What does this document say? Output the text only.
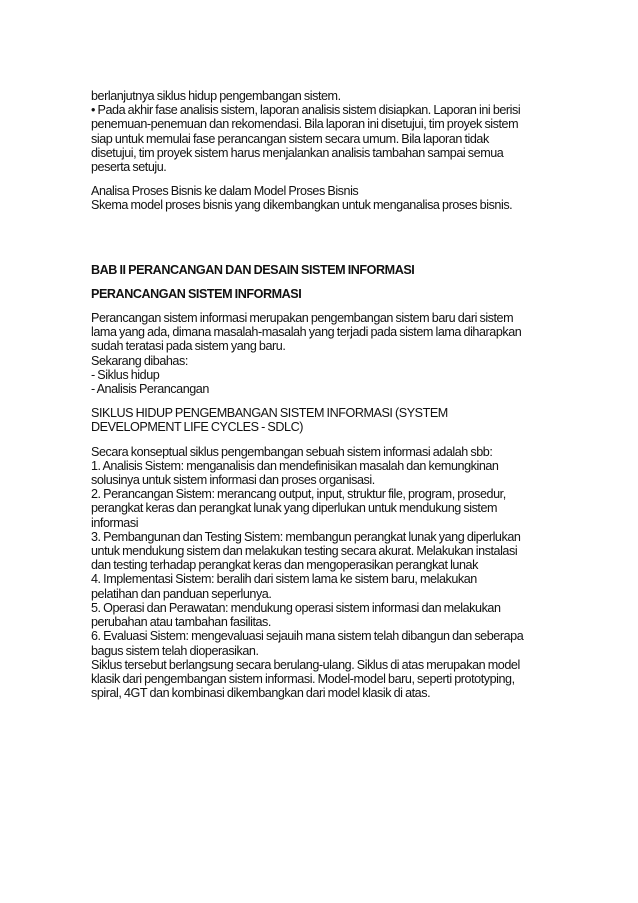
berlanjutnya siklus hidup pengembangan sistem.
• Pada akhir fase analisis sistem, laporan analisis sistem disiapkan. Laporan ini berisi
penemuan-penemuan dan rekomendasi. Bila laporan ini disetujui, tim proyek sistem
siap untuk memulai fase perancangan sistem secara umum. Bila laporan tidak
disetujui, tim proyek sistem harus menjalankan analisis tambahan sampai semua
peserta setuju.
Analisa Proses Bisnis ke dalam Model Proses Bisnis
Skema model proses bisnis yang dikembangkan untuk menganalisa proses bisnis.
BAB II PERANCANGAN DAN DESAIN SISTEM INFORMASI
PERANCANGAN SISTEM INFORMASI
Perancangan sistem informasi merupakan pengembangan sistem baru dari sistem
lama yang ada, dimana masalah-masalah yang terjadi pada sistem lama diharapkan
sudah teratasi pada sistem yang baru.
Sekarang dibahas:
- Siklus hidup
- Analisis Perancangan
SIKLUS HIDUP PENGEMBANGAN SISTEM INFORMASI (SYSTEM
DEVELOPMENT LIFE CYCLES - SDLC)
Secara konseptual siklus pengembangan sebuah sistem informasi adalah sbb:
1. Analisis Sistem: menganalisis dan mendefinisikan masalah dan kemungkinan
solusinya untuk sistem informasi dan proses organisasi.
2. Perancangan Sistem: merancang output, input, struktur file, program, prosedur,
perangkat keras dan perangkat lunak yang diperlukan untuk mendukung sistem
informasi
3. Pembangunan dan Testing Sistem: membangun perangkat lunak yang diperlukan
untuk mendukung sistem dan melakukan testing secara akurat. Melakukan instalasi
dan testing terhadap perangkat keras dan mengoperasikan perangkat lunak
4. Implementasi Sistem: beralih dari sistem lama ke sistem baru, melakukan
pelatihan dan panduan seperlunya.
5. Operasi dan Perawatan: mendukung operasi sistem informasi dan melakukan
perubahan atau tambahan fasilitas.
6. Evaluasi Sistem: mengevaluasi sejauih mana sistem telah dibangun dan seberapa
bagus sistem telah dioperasikan.
Siklus tersebut berlangsung secara berulang-ulang. Siklus di atas merupakan model
klasik dari pengembangan sistem informasi. Model-model baru, seperti prototyping,
spiral, 4GT dan kombinasi dikembangkan dari model klasik di atas.
